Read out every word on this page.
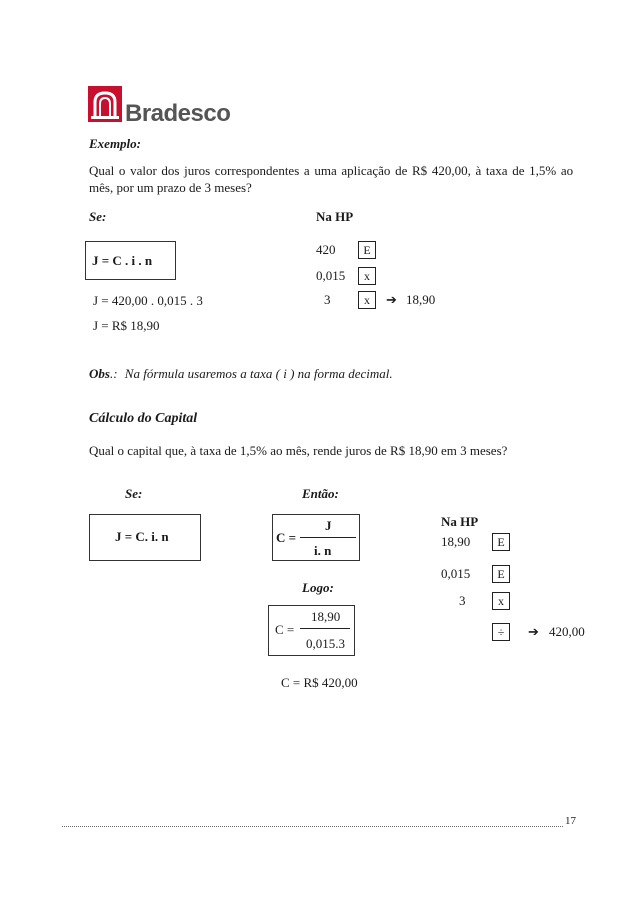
Bradesco
Exemplo:
Qual o valor dos juros correspondentes a uma aplicação de R$ 420,00, à taxa de 1,5% ao
mês, por um prazo de 3 meses?
Se:	Na HP
J = C . i . n
420	E
0,015	x
3	x	➔ 18,90
J = 420,00 . 0,015 . 3
J = R$ 18,90
Obs.: Na fórmula usaremos a taxa ( i ) na forma decimal.
Cálculo do Capital
Qual o capital que, à taxa de 1,5% ao mês, rende juros de R$ 18,90 em 3 meses?
Se:	Então:
J = C. i. n	C =
J
i. n
Logo:
18,90
C =
0,015.3
C = R$ 420,00
Na HP
18,90	E
0,015	E
3	x
÷	➔ 420,00
17
